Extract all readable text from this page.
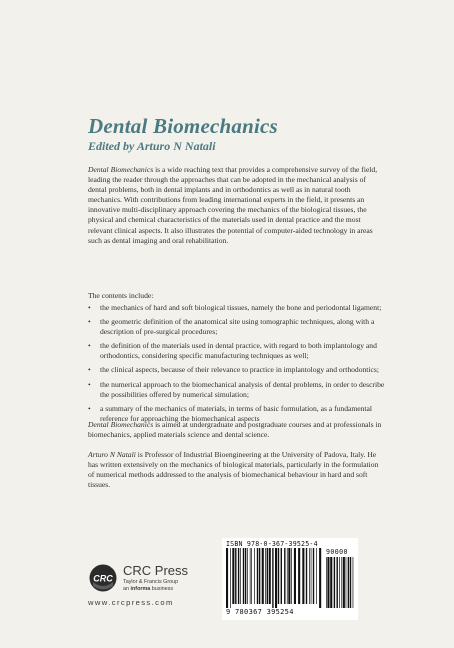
Dental Biomechanics
Edited by Arturo N Natali
Dental Biomechanics is a wide reaching text that provides a comprehensive survey of the field, leading the reader through the approaches that can be adopted in the mechanical analysis of dental problems, both in dental implants and in orthodontics as well as in natural tooth mechanics. With contributions from leading international experts in the field, it presents an innovative multi-disciplinary approach covering the mechanics of the biological tissues, the physical and chemical characteristics of the materials used in dental practice and the most relevant clinical aspects. It also illustrates the potential of computer-aided technology in areas such as dental imaging and oral rehabilitation.
The contents include:
• the mechanics of hard and soft biological tissues, namely the bone and periodontal ligament;
• the geometric definition of the anatomical site using tomographic techniques, along with a description of pre-surgical procedures;
• the definition of the materials used in dental practice, with regard to both implantology and orthodontics, considering specific manufacturing techniques as well;
• the clinical aspects, because of their relevance to practice in implantology and orthodontics;
• the numerical approach to the biomechanical analysis of dental problems, in order to describe the possibilities offered by numerical simulation;
• a summary of the mechanics of materials, in terms of basic formulation, as a fundamental reference for approaching the biomechanical aspects
Dental Biomechanics is aimed at undergraduate and postgraduate courses and at professionals in biomechanics, applied materials science and dental science.
Arturo N Natali is Professor of Industrial Bioengineering at the University of Padova, Italy. He has written extensively on the mechanics of biological materials, particularly in the formulation of numerical methods addressed to the analysis of biomechanical behaviour in hard and soft tissues.
CRC
CRC Press
Taylor & Francis Group
an informa business
www.crcpress.com
ISBN 978-0-367-39525-4
90000
9 780367 395254
